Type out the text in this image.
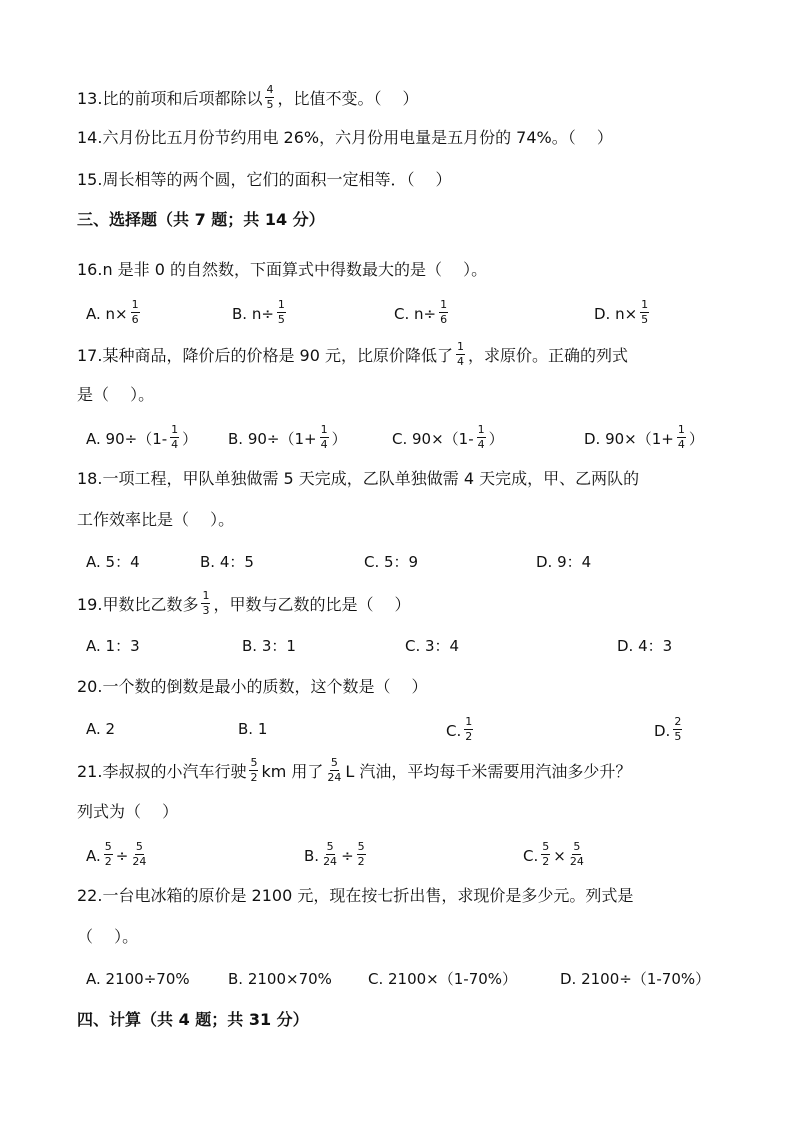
13.比的前项和后项都除以 $\frac{4}{5}$ ，比值不变。（　 ）
14.六月份比五月份节约用电 26%，六月份用电量是五月份的 74%。（　 ）
15.周长相等的两个圆，它们的面积一定相等．（　 ）
三、选择题（共 7 题；共 14 分）
16.n 是非 0 的自然数，下面算式中得数最大的是（　 ）。
A. $n\times \frac{1}{6}$	B. $n\div \frac{1}{5}$	C. $n\div \frac{1}{6}$	D. $n\times \frac{1}{5}$
17.某种商品，降价后的价格是 90 元，比原价降低了 $\frac{1}{4}$ ，求原价。正确的列式
是（　 ）。
A. $90\div(1- \frac{1}{4}$ ） B. $90\div(1+ \frac{1}{4}$ ）	C. $90\times(1- \frac{1}{4}$ ）	D. $90\times(1+ \frac{1}{4}$ ）
18.一项工程，甲队单独做需 5 天完成，乙队单独做需 4 天完成，甲、乙两队的
工作效率比是（　 ）。
A. 5：4	B. 4：5	C. 5：9	D. 9：4
19.甲数比乙数多 $\frac{1}{3}$ ，甲数与乙数的比是（　 ）
A. 1：3	B. 3：1	C. 3：4	D. 4：3
20.一个数的倒数是最小的质数，这个数是（　 ）
A. 2	B. 1	C. $\frac{1}{2}$	D. $\frac{2}{5}$
21.李叔叔的小汽车行驶 $\frac{5}{2}$ km 用了 $\frac{5}{24}$ L 汽油，平均每千米需要用汽油多少升？
列式为（　 ）
A. $\frac{5}{2} \div \frac{5}{24}$	B. $\frac{5}{24} \div \frac{5}{2}$	C. $\frac{5}{2} \times \frac{5}{24}$
22.一台电冰箱的原价是 2100 元，现在按七折出售，求现价是多少元。列式是
（　 ）。
A. 2100÷70%	B. 2100×70% C. 2100×（1-70%）	D. 2100÷（1-70%）
四、计算（共 4 题；共 31 分）
